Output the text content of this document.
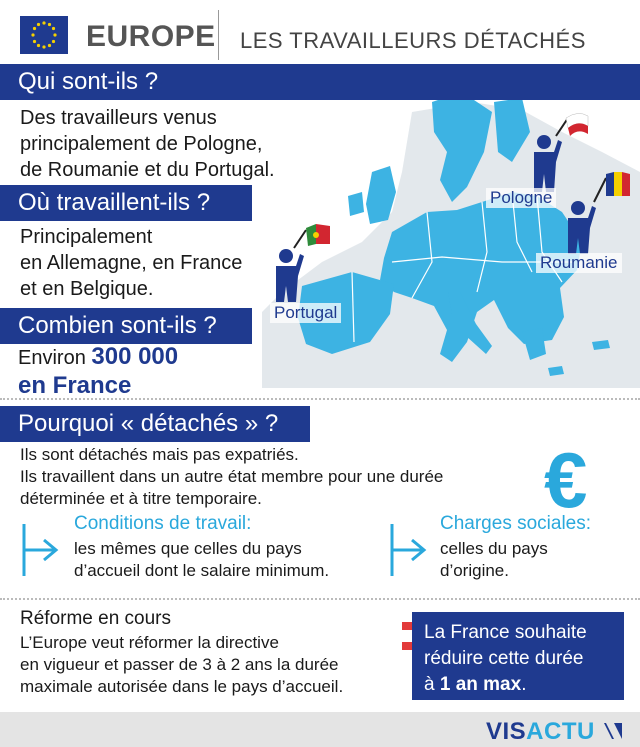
EUROPE LES TRAVAILLEURS DÉTACHÉS
Pologne
Roumanie
Portugal
Qui sont-ils ?
Des travailleurs venus
principalement de Pologne,
de Roumanie et du Portugal.
Où travaillent-ils ?
Principalement
en Allemagne, en France
et en Belgique.
Combien sont-ils ?
Environ 300 000
en France
Pourquoi « détachés » ?
Ils sont détachés mais pas expatriés.
Ils travaillent dans un autre état membre pour une durée
déterminée et à titre temporaire.	€
Conditions de travail:
les mêmes que celles du pays
d’accueil dont le salaire minimum.
Charges sociales:
celles du pays
d’origine.
Réforme en cours
L’Europe veut réformer la directive
en vigueur et passer de 3 à 2 ans la durée
maximale autorisée dans le pays d’accueil.
La France souhaite
réduire cette durée
à 1 an max.
VISACTU
